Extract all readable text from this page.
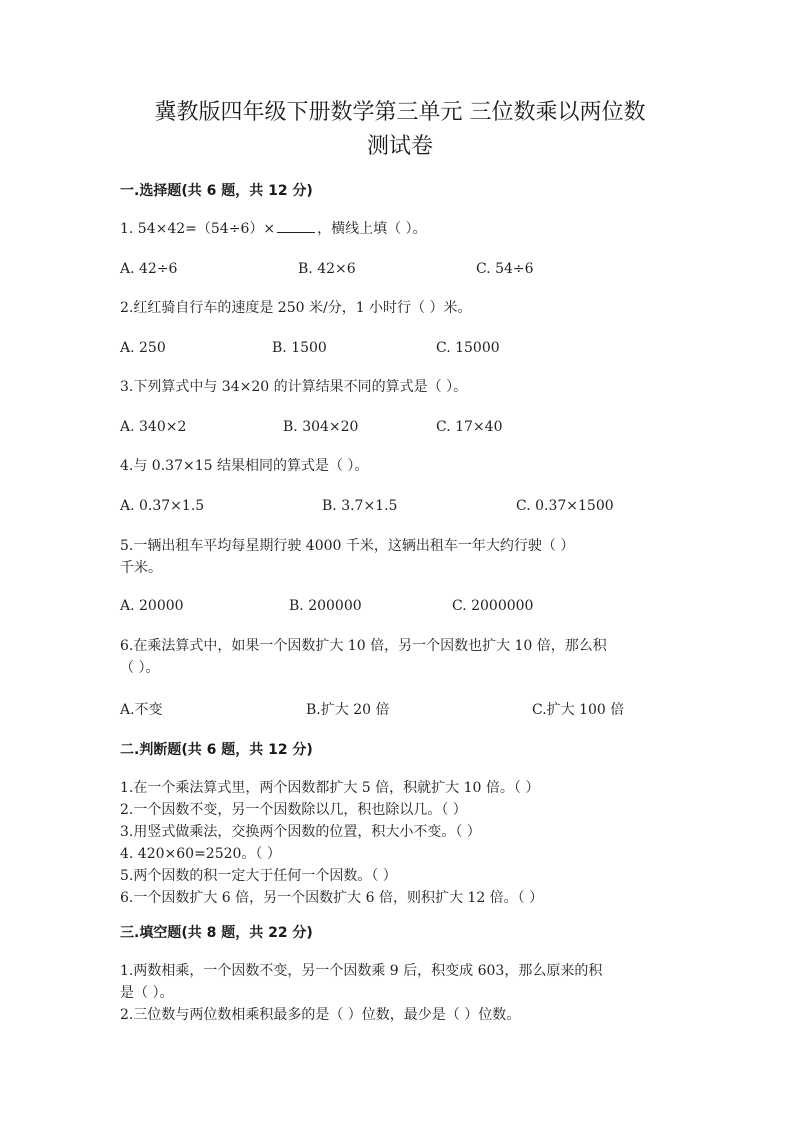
冀教版四年级下册数学第三单元 三位数乘以两位数
测试卷
一.选择题(共 6 题，共 12 分)
1. 54×42=（54÷6）×	，横线上填（ ）。
A. 42÷6	B. 42×6	C. 54÷6
2.红红骑自行车的速度是 250 米/分，1 小时行（ ）米。
A. 250	B. 1500	C. 15000
3.下列算式中与 34×20 的计算结果不同的算式是（ ）。
A. 340×2	B. 304×20	C. 17×40
4.与 0.37×15 结果相同的算式是（ ）。
A. 0.37×1.5	B. 3.7×1.5	C. 0.37×1500
5.一辆出租车平均每星期行驶 4000 千米，这辆出租车一年大约行驶（ ）
千米。
A. 20000	B. 200000	C. 2000000
6.在乘法算式中，如果一个因数扩大 10 倍，另一个因数也扩大 10 倍，那么积
（ ）。
A.不变	B.扩大 20 倍	C.扩大 100 倍
二.判断题(共 6 题，共 12 分)
1.在一个乘法算式里，两个因数都扩大 5 倍，积就扩大 10 倍。（ ）
2.一个因数不变，另一个因数除以几，积也除以几。（ ）
3.用竖式做乘法，交换两个因数的位置，积大小不变。（ ）
4. 420×60=2520。（ ）
5.两个因数的积一定大于任何一个因数。（ ）
6.一个因数扩大 6 倍，另一个因数扩大 6 倍，则积扩大 12 倍。（ ）
三.填空题(共 8 题，共 22 分)
1.两数相乘，一个因数不变，另一个因数乘 9 后，积变成 603，那么原来的积
是（ ）。
2.三位数与两位数相乘积最多的是（ ）位数，最少是（ ）位数。
